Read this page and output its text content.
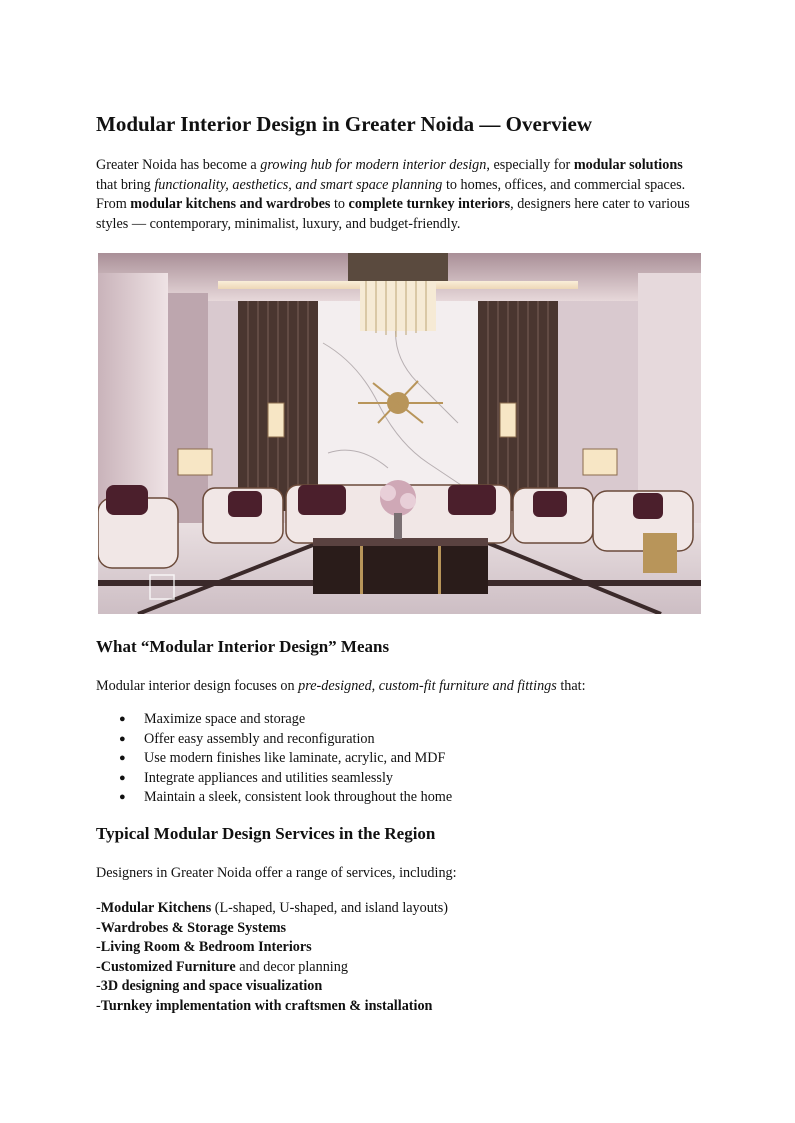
Modular Interior Design in Greater Noida — Overview

Greater Noida has become a growing hub for modern interior design, especially for modular solutions that bring functionality, aesthetics, and smart space planning to homes, offices, and commercial spaces. From modular kitchens and wardrobes to complete turnkey interiors, designers here cater to various styles — contemporary, minimalist, luxury, and budget-friendly.

What “Modular Interior Design” Means

Modular interior design focuses on pre-designed, custom-fit furniture and fittings that:

● Maximize space and storage
● Offer easy assembly and reconfiguration
● Use modern finishes like laminate, acrylic, and MDF
● Integrate appliances and utilities seamlessly
● Maintain a sleek, consistent look throughout the home
Typical Modular Design Services in the Region

Designers in Greater Noida offer a range of services, including:

-Modular Kitchens (L-shaped, U-shaped, and island layouts)
-Wardrobes & Storage Systems
-Living Room & Bedroom Interiors
-Customized Furniture and decor planning
-3D designing and space visualization
-Turnkey implementation with craftsmen & installation
